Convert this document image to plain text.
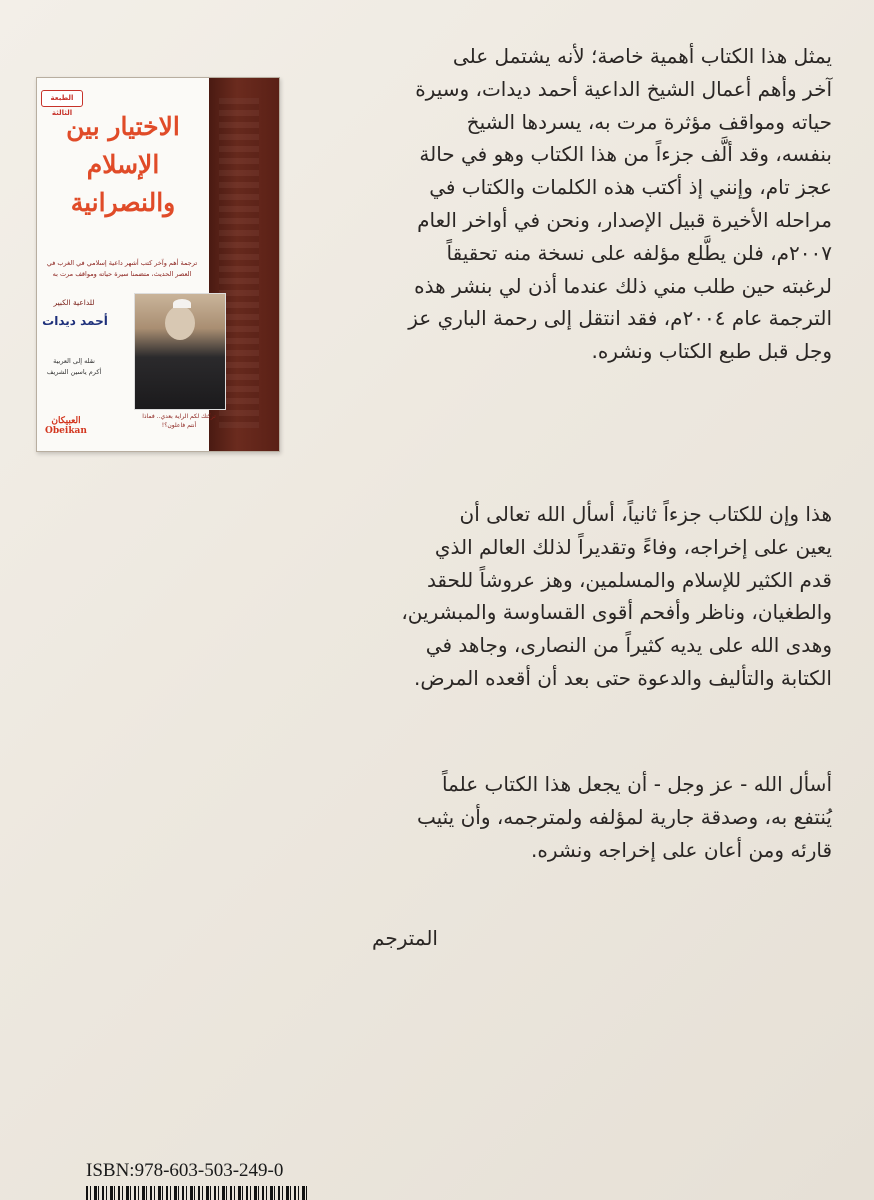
الطبعة الثالثة
الاختيار بين
الإسلام
والنصرانية
ترجمة أهم وآخر كتب أشهر داعية إسلامي في الغرب في العصر الحديث، متضمنا سيرة حياته ومواقف مرت به
للداعية الكبير
أحمد ديدات
نقله إلى العربية
أكرم ياسين الشريف
تركتك لكم الراية بعدي.. فماذا أنتم فاعلون؟!
العبيكان
Obeikan
يمثل هذا الكتاب أهمية خاصة؛ لأنه يشتمل على
آخر وأهم أعمال الشيخ الداعية أحمد ديدات، وسيرة
حياته ومواقف مؤثرة مرت به، يسردها الشيخ
بنفسه، وقد ألَّف جزءاً من هذا الكتاب وهو في حالة
عجز تام، وإنني إذ أكتب هذه الكلمات والكتاب في
مراحله الأخيرة قبيل الإصدار، ونحن في أواخر العام
٢٠٠٧م، فلن يطَّلع مؤلفه على نسخة منه تحقيقاً
لرغبته حين طلب مني ذلك عندما أذن لي بنشر هذه
الترجمة عام ٢٠٠٤م، فقد انتقل إلى رحمة الباري عز
وجل قبل طبع الكتاب ونشره.
هذا وإن للكتاب جزءاً ثانياً، أسأل الله تعالى أن
يعين على إخراجه، وفاءً وتقديراً لذلك العالم الذي
قدم الكثير للإسلام والمسلمين، وهز عروشاً للحقد
والطغيان، وناظر وأفحم أقوى القساوسة والمبشرين،
وهدى الله على يديه كثيراً من النصارى، وجاهد في
الكتابة والتأليف والدعوة حتى بعد أن أقعده المرض.
أسأل الله - عز وجل - أن يجعل هذا الكتاب علماً
يُنتفع به، وصدقة جارية لمؤلفه ولمترجمه، وأن يثيب
قارئه ومن أعان على إخراجه ونشره.
المترجم
ISBN:978-603-503-249-0
